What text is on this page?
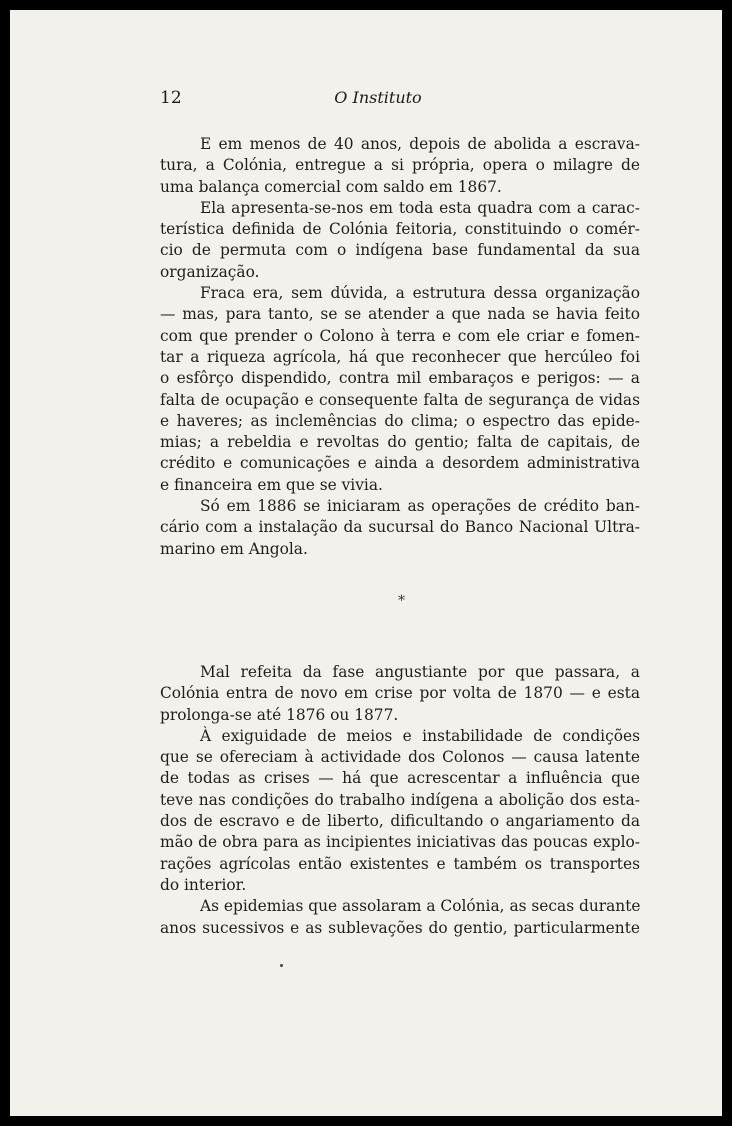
12	O Instituto
E em menos de 40 anos, depois de abolida a escrava-
tura, a Colónia, entregue a si própria, opera o milagre de
uma balança comercial com saldo em 1867.
Ela apresenta-se-nos em toda esta quadra com a carac-
terística definida de Colónia feitoria, constituindo o comér-
cio de permuta com o indígena base fundamental da sua
organização.
Fraca era, sem dúvida, a estrutura dessa organização
— mas, para tanto, se se atender a que nada se havia feito
com que prender o Colono à terra e com ele criar e fomen-
tar a riqueza agrícola, há que reconhecer que hercúleo foi
o esfôrço dispendido, contra mil embaraços e perigos: — a
falta de ocupação e consequente falta de segurança de vidas
e haveres; as inclemências do clima; o espectro das epide-
mias; a rebeldia e revoltas do gentio; falta de capitais, de
crédito e comunicações e ainda a desordem administrativa
e financeira em que se vivia.
Só em 1886 se iniciaram as operações de crédito ban-
cário com a instalação da sucursal do Banco Nacional Ultra-
marino em Angola.
*
Mal refeita da fase angustiante por que passara, a
Colónia entra de novo em crise por volta de 1870 — e esta
prolonga-se até 1876 ou 1877.
À exiguidade de meios e instabilidade de condições
que se ofereciam à actividade dos Colonos — causa latente
de todas as crises — há que acrescentar a influência que
teve nas condições do trabalho indígena a abolição dos esta-
dos de escravo e de liberto, dificultando o angariamento da
mão de obra para as incipientes iniciativas das poucas explo-
rações agrícolas então existentes e também os transportes
do interior.
As epidemias que assolaram a Colónia, as secas durante
anos sucessivos e as sublevações do gentio, particularmente
